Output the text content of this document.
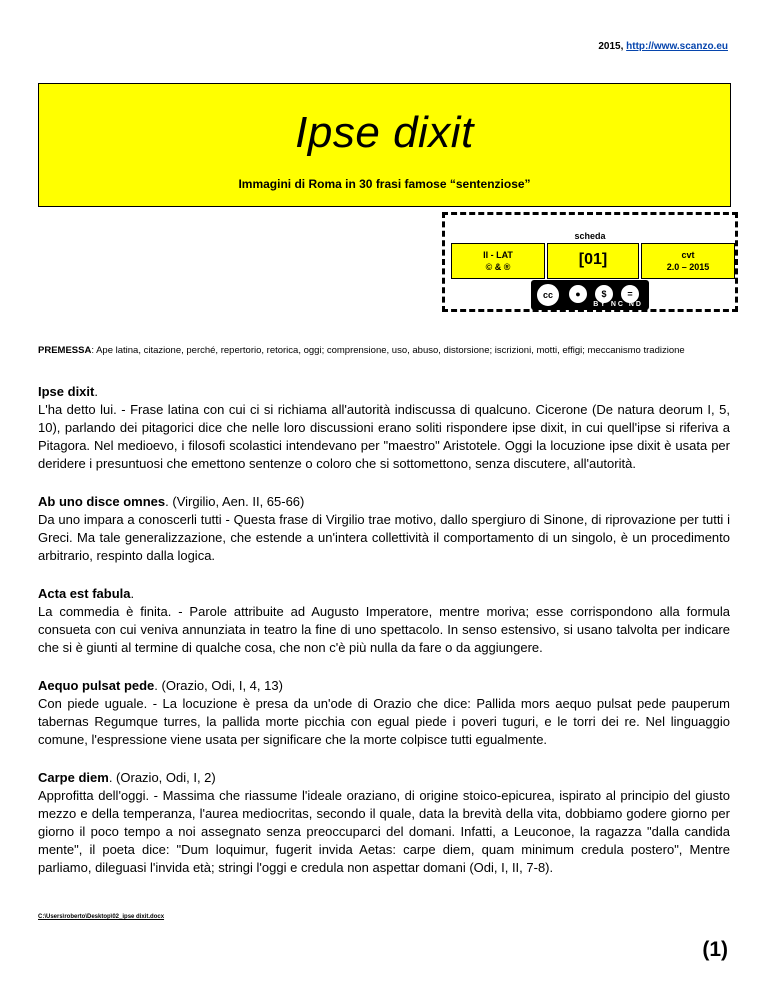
2015, http://www.scanzo.eu
Ipse dixit
Immagini di Roma in 30 frasi famose “sentenziose”
scheda
II - LAT
© & ®	[01]	cvt
2.0 – 2015
cc	●	$	=
BY NC ND
PREMESSA: Ape latina, citazione, perché, repertorio, retorica, oggi; comprensione, uso, abuso, distorsione; iscrizioni, motti, effigi; meccanismo tradizione

Ipse dixit.

L'ha detto lui. - Frase latina con cui ci si richiama all'autorità indiscussa di qualcuno. Cicerone (De natura deorum I, 5, 10), parlando dei pitagorici dice che nelle loro discussioni erano soliti rispondere ipse dixit, in cui quell'ipse si riferiva a Pitagora. Nel medioevo, i filosofi scolastici intendevano per "maestro" Aristotele. Oggi la locuzione ipse dixit è usata per deridere i presuntuosi che emettono sentenze o coloro che si sottomettono, senza discutere, all'autorità.

Ab uno disce omnes. (Virgilio, Aen. II, 65-66)

Da uno impara a conoscerli tutti - Questa frase di Virgilio trae motivo, dallo spergiuro di Sinone, di riprovazione per tutti i Greci. Ma tale generalizzazione, che estende a un'intera collettività il comportamento di un singolo, è un procedimento arbitrario, respinto dalla logica.

Acta est fabula.

La commedia è finita. - Parole attribuite ad Augusto Imperatore, mentre moriva; esse corrispondono alla formula consueta con cui veniva annunziata in teatro la fine di uno spettacolo. In senso estensivo, si usano talvolta per indicare che si è giunti al termine di qualche cosa, che non c'è più nulla da fare o da aggiungere.

Aequo pulsat pede. (Orazio, Odi, I, 4, 13)

Con piede uguale. - La locuzione è presa da un'ode di Orazio che dice: Pallida mors aequo pulsat pede pauperum tabernas Regumque turres, la pallida morte picchia con egual piede i poveri tuguri, e le torri dei re. Nel linguaggio comune, l'espressione viene usata per significare che la morte colpisce tutti egualmente.

Carpe diem. (Orazio, Odi, I, 2)

Approfitta dell'oggi. - Massima che riassume l'ideale oraziano, di origine stoico-epicurea, ispirato al principio del giusto mezzo e della temperanza, l'aurea mediocritas, secondo il quale, data la brevità della vita, dobbiamo godere giorno per giorno il poco tempo a noi assegnato senza preoccuparci del domani. Infatti, a Leuconoe, la ragazza "dalla candida mente", il poeta dice: "Dum loquimur, fugerit invida Aetas: carpe diem, quam minimum credula postero", Mentre parliamo, dileguasi l'invida età; stringi l'oggi e credula non aspettar domani (Odi, I, II, 7-8).

C:\Users\roberto\Desktop\02_ipse dixit.docx
(1)
